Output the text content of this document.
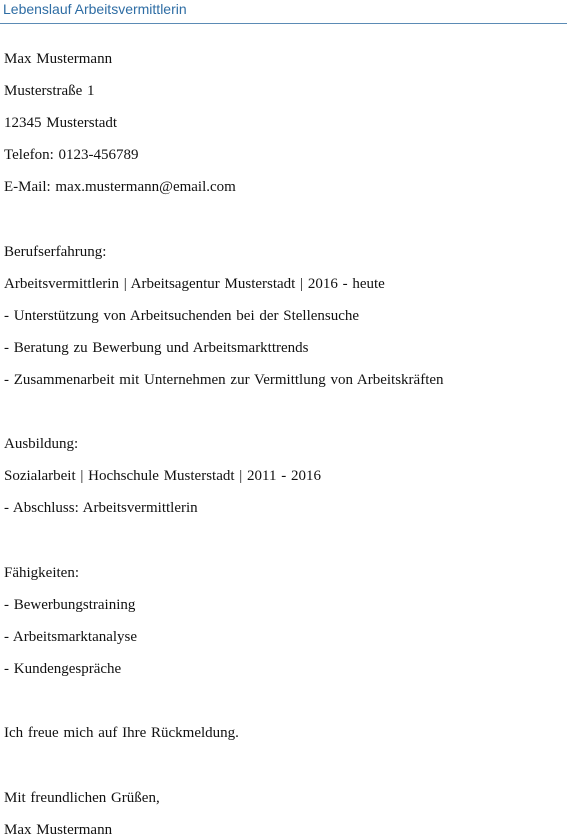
Lebenslauf Arbeitsvermittlerin
Max Mustermann
Musterstraße 1
12345 Musterstadt
Telefon: 0123-456789
E-Mail: max.mustermann@email.com
Berufserfahrung:
Arbeitsvermittlerin | Arbeitsagentur Musterstadt | 2016 - heute
- Unterstützung von Arbeitsuchenden bei der Stellensuche
- Beratung zu Bewerbung und Arbeitsmarkttrends
- Zusammenarbeit mit Unternehmen zur Vermittlung von Arbeitskräften
Ausbildung:
Sozialarbeit | Hochschule Musterstadt | 2011 - 2016
- Abschluss: Arbeitsvermittlerin
Fähigkeiten:
- Bewerbungstraining
- Arbeitsmarktanalyse
- Kundengespräche
Ich freue mich auf Ihre Rückmeldung.
Mit freundlichen Grüßen,
Max Mustermann
